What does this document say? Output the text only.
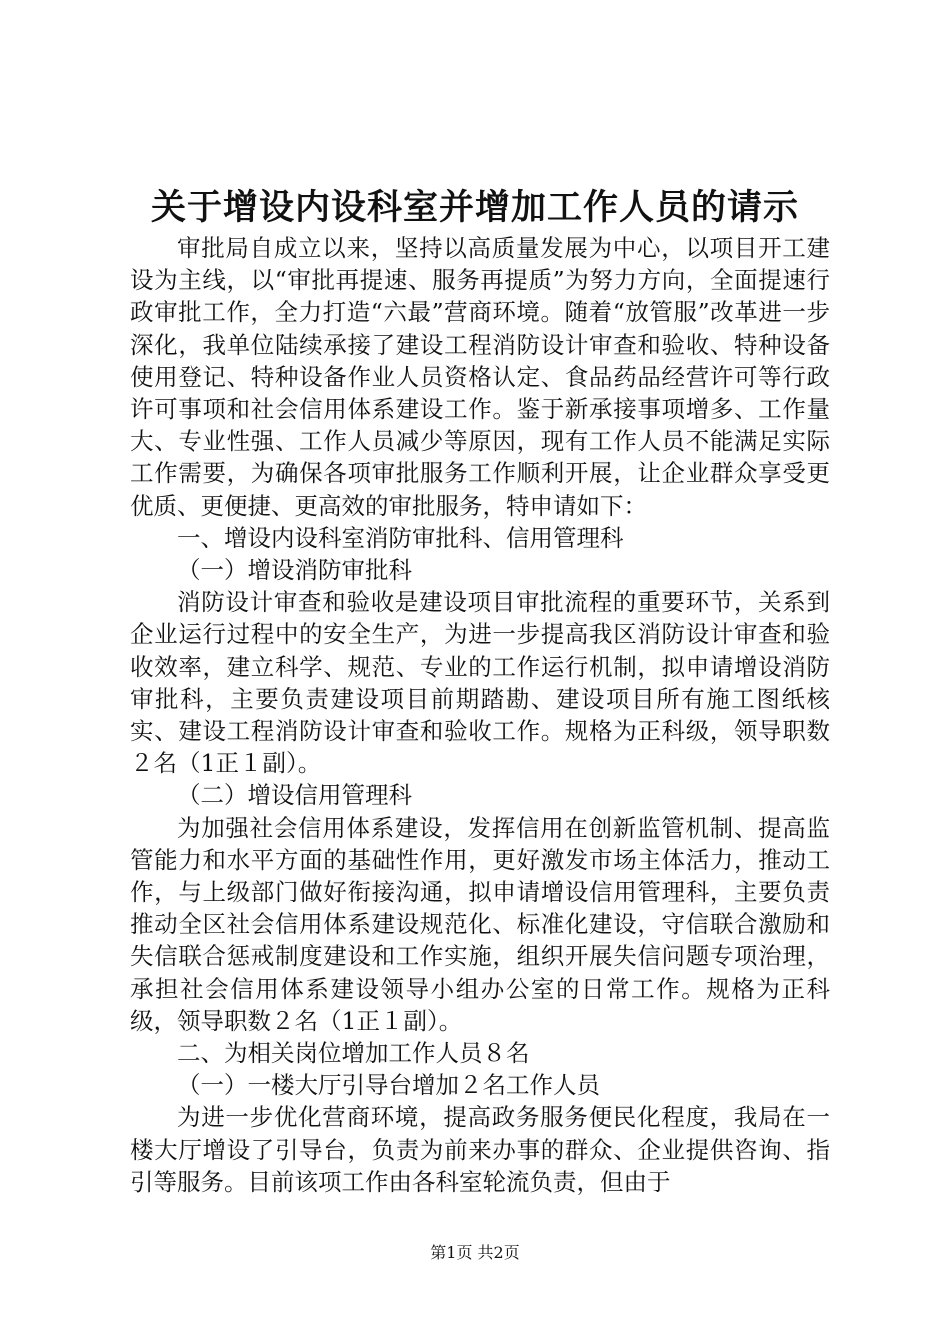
关于增设内设科室并增加工作人员的请示

审批局自成立以来，坚持以高质量发展为中心，以项目开工建设为主线，以“审批再提速、服务再提质”为努力方向，全面提速行政审批工作，全力打造“六最”营商环境。随着“放管服”改革进一步深化，我单位陆续承接了建设工程消防设计审查和验收、特种设备使用登记、特种设备作业人员资格认定、食品药品经营许可等行政许可事项和社会信用体系建设工作。鉴于新承接事项增多、工作量大、专业性强、工作人员减少等原因，现有工作人员不能满足实际工作需要，为确保各项审批服务工作顺利开展，让企业群众享受更优质、更便捷、更高效的审批服务，特申请如下：

一、增设内设科室消防审批科、信用管理科

（一）增设消防审批科

消防设计审查和验收是建设项目审批流程的重要环节，关系到企业运行过程中的安全生产，为进一步提高我区消防设计审查和验收效率，建立科学、规范、专业的工作运行机制，拟申请增设消防审批科，主要负责建设项目前期踏勘、建设项目所有施工图纸核实、建设工程消防设计审查和验收工作。规格为正科级，领导职数２名（1正１副）。

（二）增设信用管理科

为加强社会信用体系建设，发挥信用在创新监管机制、提高监管能力和水平方面的基础性作用，更好激发市场主体活力，推动工作，与上级部门做好衔接沟通，拟申请增设信用管理科，主要负责推动全区社会信用体系建设规范化、标准化建设，守信联合激励和失信联合惩戒制度建设和工作实施，组织开展失信问题专项治理，承担社会信用体系建设领导小组办公室的日常工作。规格为正科级，领导职数２名（1正１副）。

二、为相关岗位增加工作人员８名

（一）一楼大厅引导台增加２名工作人员

为进一步优化营商环境，提高政务服务便民化程度，我局在一楼大厅增设了引导台，负责为前来办事的群众、企业提供咨询、指引等服务。目前该项工作由各科室轮流负责，但由于

第1页 共2页
